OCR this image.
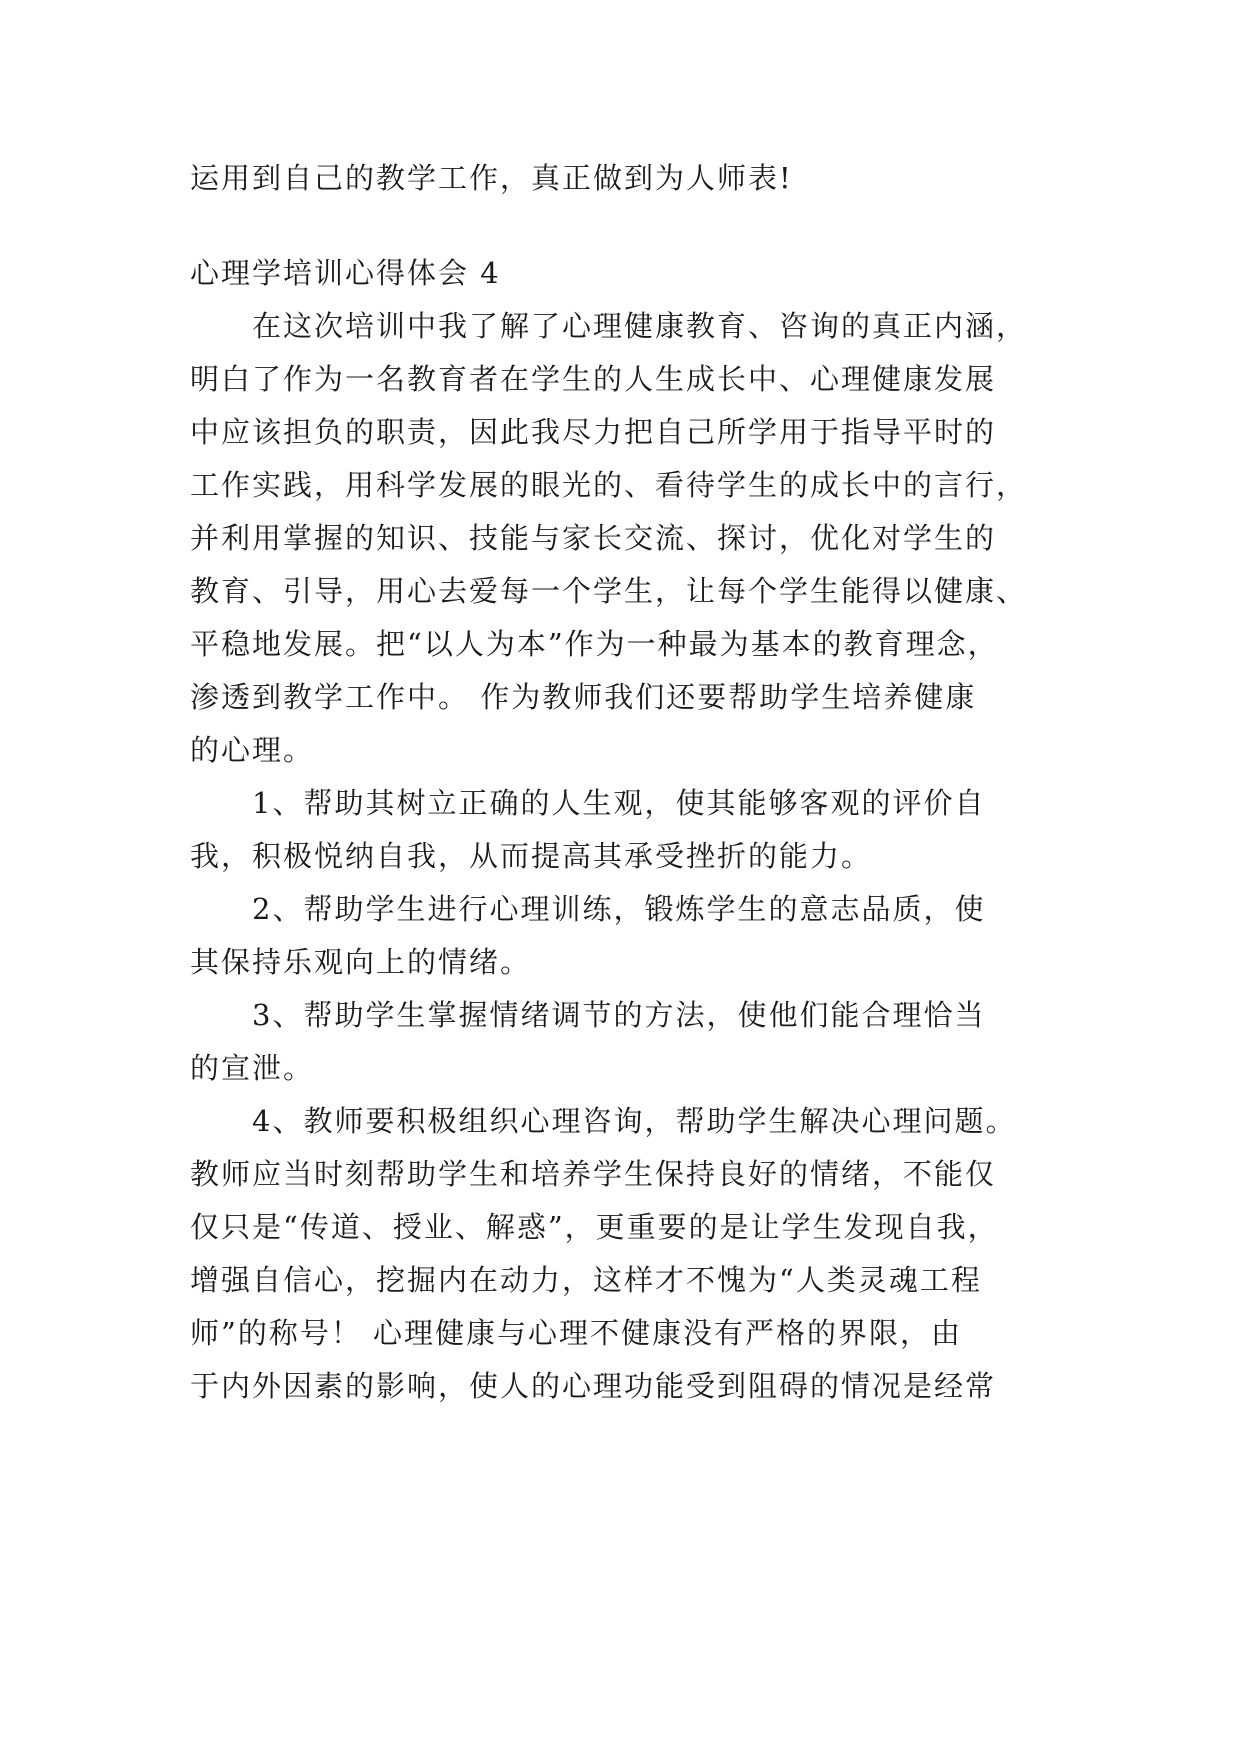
运用到自己的教学工作，真正做到为人师表!
心理学培训心得体会 4
在这次培训中我了解了心理健康教育、咨询的真正内涵，
明白了作为一名教育者在学生的人生成长中、心理健康发展
中应该担负的职责，因此我尽力把自己所学用于指导平时的
工作实践，用科学发展的眼光的、看待学生的成长中的言行，
并利用掌握的知识、技能与家长交流、探讨，优化对学生的
教育、引导，用心去爱每一个学生，让每个学生能得以健康、
平稳地发展。把“以人为本”作为一种最为基本的教育理念，
渗透到教学工作中。 作为教师我们还要帮助学生培养健康
的心理。
1、帮助其树立正确的人生观，使其能够客观的评价自
我，积极悦纳自我，从而提高其承受挫折的能力。
2、帮助学生进行心理训练，锻炼学生的意志品质，使
其保持乐观向上的情绪。
3、帮助学生掌握情绪调节的方法，使他们能合理恰当
的宣泄。
4、教师要积极组织心理咨询，帮助学生解决心理问题。
教师应当时刻帮助学生和培养学生保持良好的情绪，不能仅
仅只是“传道、授业、解惑”，更重要的是让学生发现自我，
增强自信心，挖掘内在动力，这样才不愧为“人类灵魂工程
师”的称号！ 心理健康与心理不健康没有严格的界限，由
于内外因素的影响，使人的心理功能受到阻碍的情况是经常
